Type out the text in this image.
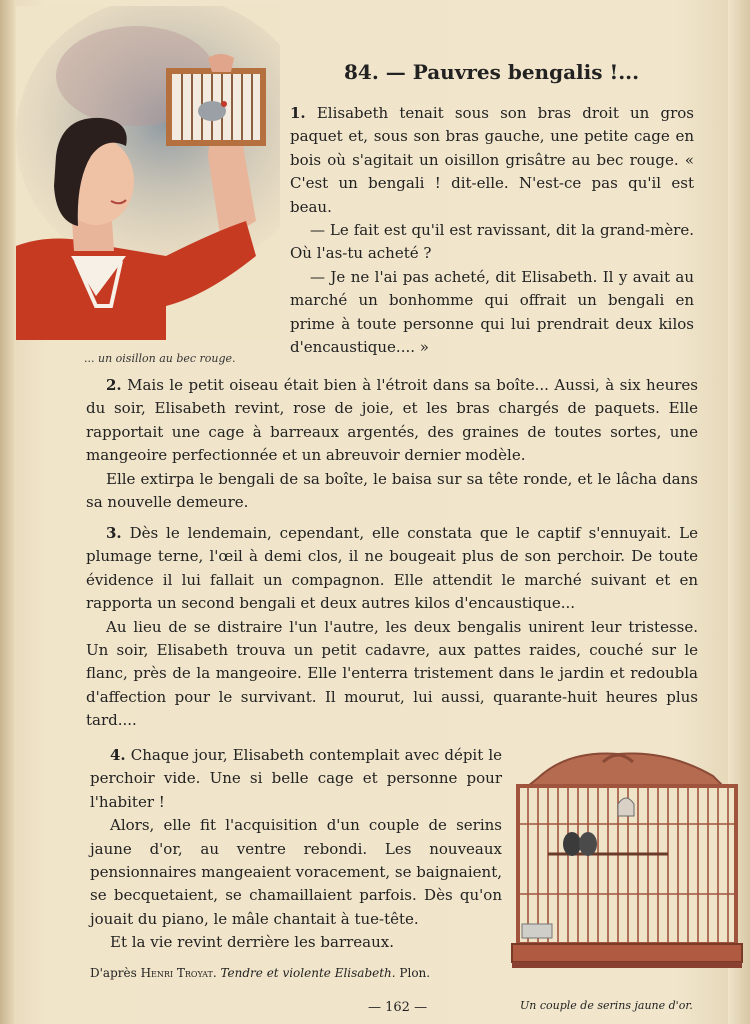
... un oisillon au bec rouge.
84. — Pauvres bengalis !...

1. Elisabeth tenait sous son bras droit un gros paquet et, sous son bras gauche, une petite cage en bois où s'agitait un oisillon grisâtre au bec rouge. « C'est un bengali ! dit-elle. N'est-ce pas qu'il est beau.
— Le fait est qu'il est ravissant, dit la grand-mère. Où l'as-tu acheté ?
— Je ne l'ai pas acheté, dit Elisabeth. Il y avait au marché un bonhomme qui offrait un bengali en prime à toute personne qui lui prendrait deux kilos d'encaustique.... »

2. Mais le petit oiseau était bien à l'étroit dans sa boîte... Aussi, à six heures du soir, Elisabeth revint, rose de joie, et les bras chargés de paquets. Elle rapportait une cage à barreaux argentés, des graines de toutes sortes, une mangeoire perfectionnée et un abreuvoir dernier modèle.
Elle extirpa le bengali de sa boîte, le baisa sur sa tête ronde, et le lâcha dans sa nouvelle demeure.

3. Dès le lendemain, cependant, elle constata que le captif s'ennuyait. Le plumage terne, l'œil à demi clos, il ne bougeait plus de son perchoir. De toute évidence il lui fallait un compagnon. Elle attendit le marché suivant et en rapporta un second bengali et deux autres kilos d'encaustique...
Au lieu de se distraire l'un l'autre, les deux bengalis unirent leur tristesse. Un soir, Elisabeth trouva un petit cadavre, aux pattes raides, couché sur le flanc, près de la mangeoire. Elle l'enterra tristement dans le jardin et redoubla d'affection pour le survivant. Il mourut, lui aussi, quarante-huit heures plus tard....

4. Chaque jour, Elisabeth contemplait avec dépit le perchoir vide. Une si belle cage et personne pour l'habiter !
Alors, elle fit l'acquisition d'un couple de serins jaune d'or, au ventre rebondi. Les nouveaux pensionnaires mangeaient voracement, se baignaient, se becquetaient, se chamaillaient parfois. Dès qu'on jouait du piano, le mâle chantait à tue-tête.
Et la vie revint derrière les barreaux.

D'après Henri Troyat. Tendre et violente Elisabeth. Plon.
— 162 —	Un couple de serins jaune d'or.
